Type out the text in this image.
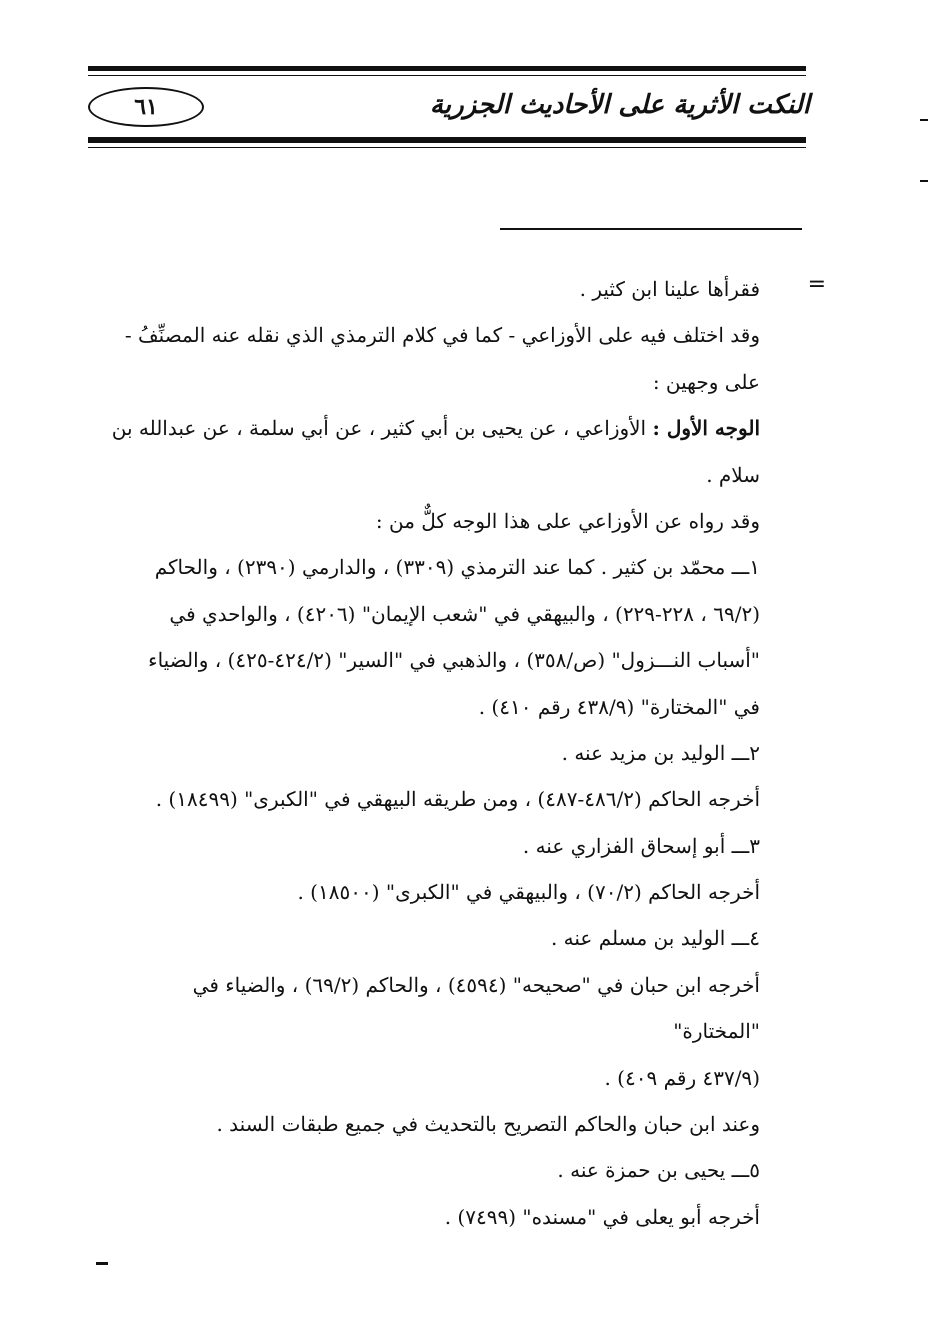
النكت الأثرية على الأحاديث الجزرية
٦١
=
فقرأها علينا ابن كثير .
وقد اختلف فيه على الأوزاعي - كما في كلام الترمذي الذي نقله عنه المصنِّفُ -
على وجهين :
الوجه الأول : الأوزاعي ، عن يحيى بن أبي كثير ، عن أبي سلمة ، عن عبدالله بن
سلام .
وقد رواه عن الأوزاعي على هذا الوجه كلٌّ من :
١ـــ محمّد بن كثير . كما عند الترمذي (٣٣٠٩) ، والدارمي (٢٣٩٠) ، والحاكم
(٦٩/٢ ، ٢٢٨-٢٢٩) ، والبيهقي في "شعب الإيمان" (٤٢٠٦) ، والواحدي في
"أسباب النـــزول" (ص/٣٥٨) ، والذهبي في "السير" (٤٢٤/٢-٤٢٥) ، والضياء
في "المختارة" (٤٣٨/٩ رقم ٤١٠) .
٢ـــ الوليد بن مزيد عنه .
أخرجه الحاكم (٤٨٦/٢-٤٨٧) ، ومن طريقه البيهقي في "الكبرى" (١٨٤٩٩) .
٣ـــ أبو إسحاق الفزاري عنه .
أخرجه الحاكم (٧٠/٢) ، والبيهقي في "الكبرى" (١٨٥٠٠) .
٤ـــ الوليد بن مسلم عنه .
أخرجه ابن حبان في "صحيحه" (٤٥٩٤) ، والحاكم (٦٩/٢) ، والضياء في
"المختارة"
(٤٣٧/٩ رقم ٤٠٩) .
وعند ابن حبان والحاكم التصريح بالتحديث في جميع طبقات السند .
٥ـــ يحيى بن حمزة عنه .
أخرجه أبو يعلى في "مسنده" (٧٤٩٩) .
